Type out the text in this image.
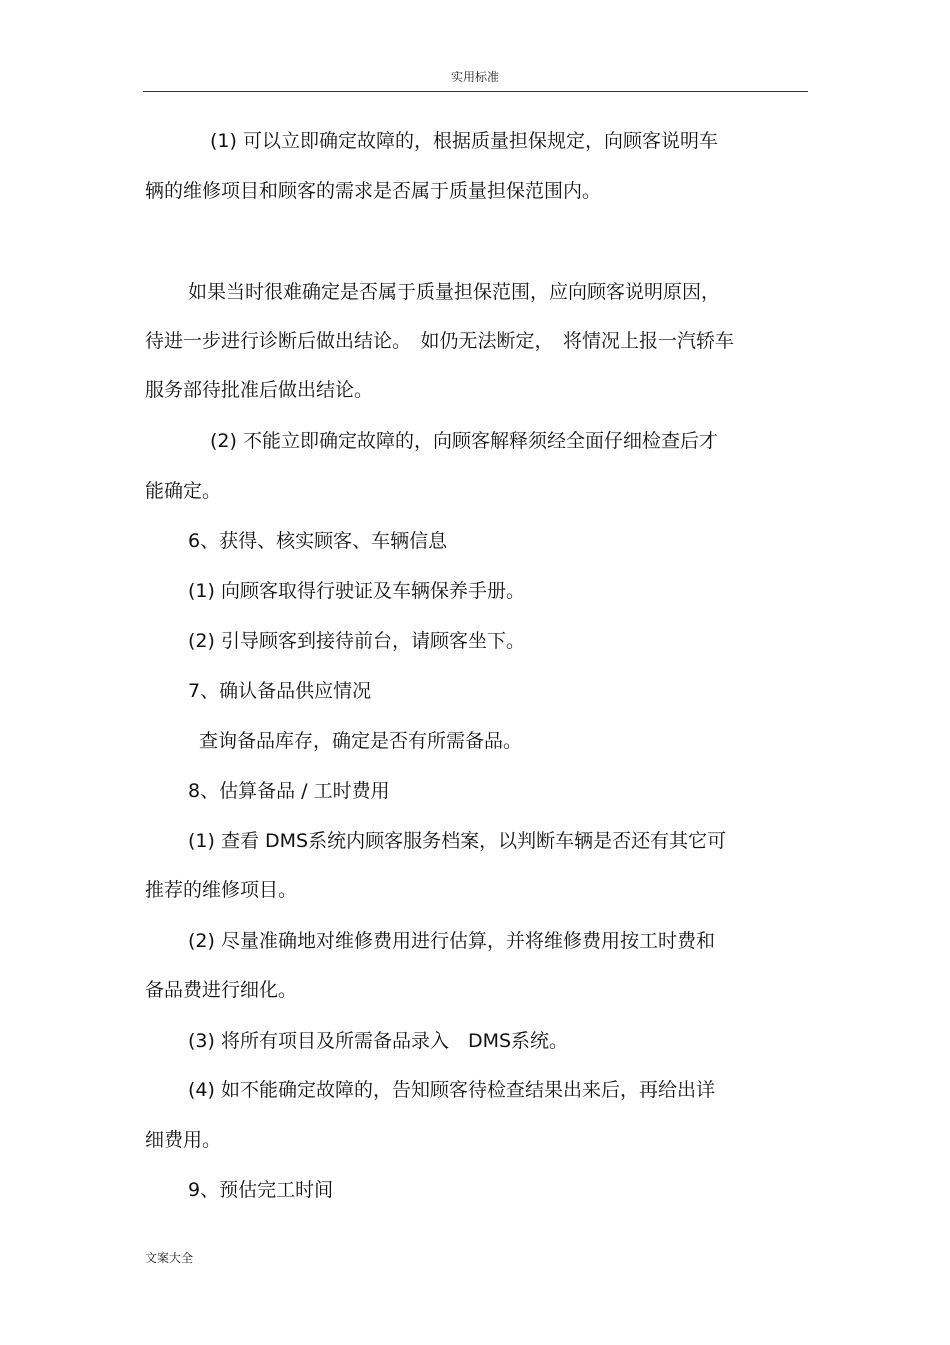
实用标准
(1) 可以立即确定故障的，根据质量担保规定，向顾客说明车
辆的维修项目和顾客的需求是否属于质量担保范围内。
如果当时很难确定是否属于质量担保范围，应向顾客说明原因，
待进一步进行诊断后做出结论。　如仍无法断定，　将情况上报一汽轿车
服务部待批准后做出结论。
(2) 不能立即确定故障的，向顾客解释须经全面仔细检查后才
能确定。
6、获得、核实顾客、车辆信息
(1) 向顾客取得行驶证及车辆保养手册。
(2) 引导顾客到接待前台，请顾客坐下。
7、确认备品供应情况
查询备品库存，确定是否有所需备品。
8、估算备品 / 工时费用
(1) 查看 DMS系统内顾客服务档案，以判断车辆是否还有其它可
推荐的维修项目。
(2) 尽量准确地对维修费用进行估算，并将维修费用按工时费和
备品费进行细化。
(3) 将所有项目及所需备品录入　DMS系统。
(4) 如不能确定故障的，告知顾客待检查结果出来后，再给出详
细费用。
9、预估完工时间
文案大全
